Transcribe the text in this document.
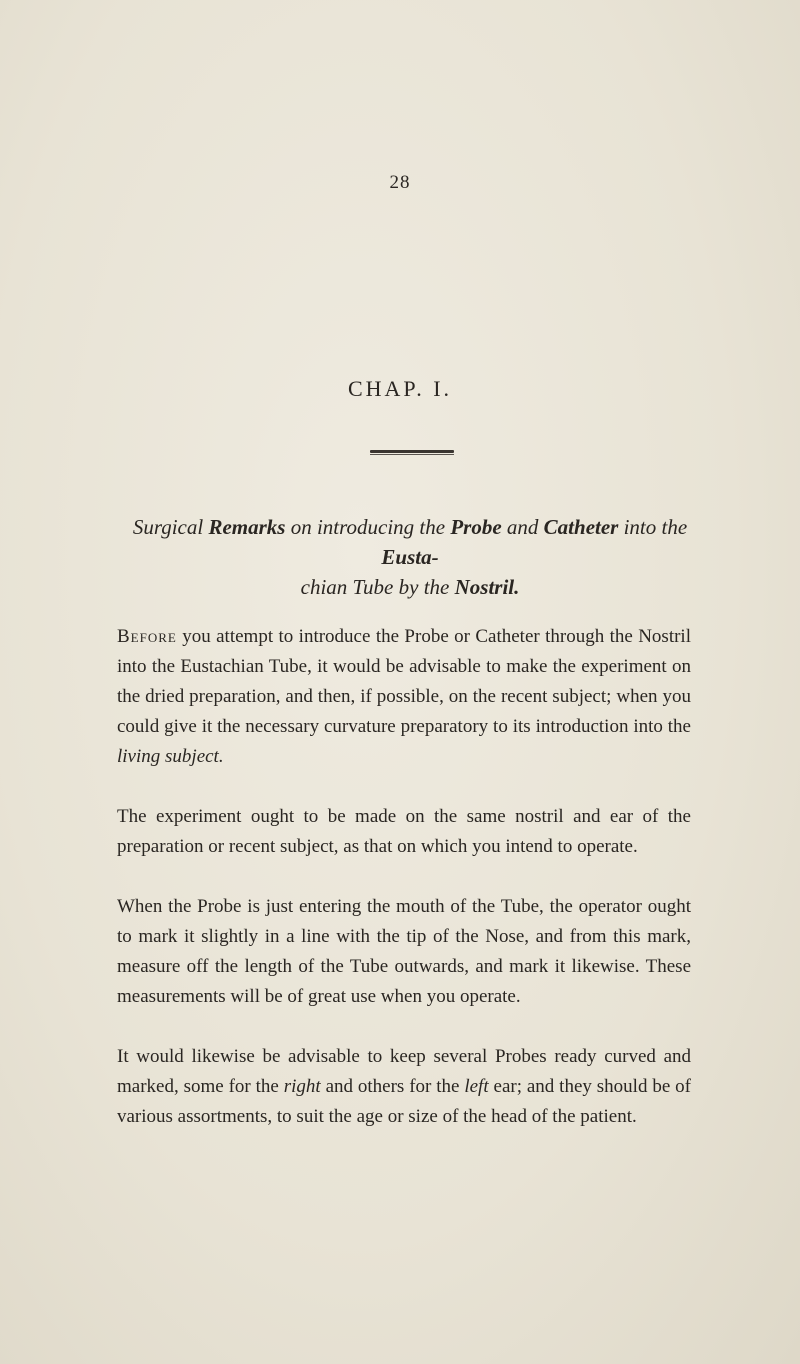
28
CHAP. I.
Surgical Remarks on introducing the Probe and Catheter into the Eusta-
chian Tube by the Nostril.

Before you attempt to introduce the Probe or Catheter through the Nostril into the Eustachian Tube, it would be advisable to make the experiment on the dried preparation, and then, if possible, on the recent subject; when you could give it the necessary curvature preparatory to its introduction into the living subject.

The experiment ought to be made on the same nostril and ear of the preparation or recent subject, as that on which you intend to operate.

When the Probe is just entering the mouth of the Tube, the operator ought to mark it slightly in a line with the tip of the Nose, and from this mark, measure off the length of the Tube outwards, and mark it likewise. These measurements will be of great use when you operate.

It would likewise be advisable to keep several Probes ready curved and marked, some for the right and others for the left ear; and they should be of various assortments, to suit the age or size of the head of the patient.
